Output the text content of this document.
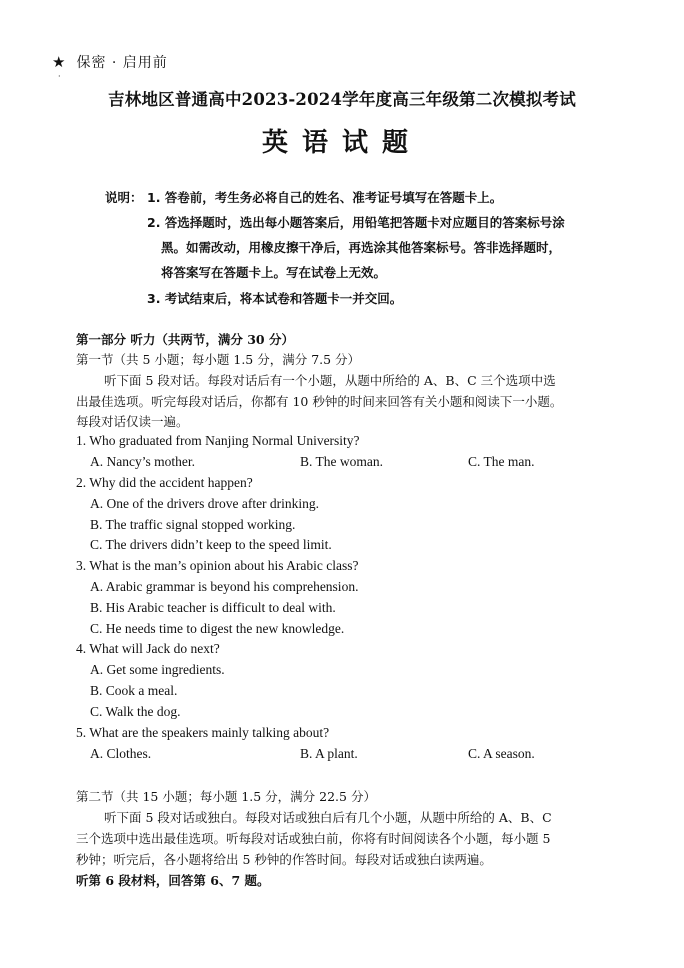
★ 保密 · 启用前
·
吉林地区普通高中2023-2024学年度高三年级第二次模拟考试
英语试题
说明： 1. 答卷前，考生务必将自己的姓名、准考证号填写在答题卡上。
2. 答选择题时，选出每小题答案后，用铅笔把答题卡对应题目的答案标号涂
黑。如需改动，用橡皮擦干净后，再选涂其他答案标号。答非选择题时，
将答案写在答题卡上。写在试卷上无效。
3. 考试结束后，将本试卷和答题卡一并交回。
第一部分 听力（共两节，满分 30 分）
第一节（共 5 小题；每小题 1.5 分，满分 7.5 分）
听下面 5 段对话。每段对话后有一个小题，从题中所给的 A、B、C 三个选项中选
出最佳选项。听完每段对话后，你都有 10 秒钟的时间来回答有关小题和阅读下一小题。
每段对话仅读一遍。
1. Who graduated from Nanjing Normal University?
A. Nancy’s mother.	B. The woman.	C. The man.
2. Why did the accident happen?
A. One of the drivers drove after drinking.
B. The traffic signal stopped working.
C. The drivers didn’t keep to the speed limit.
3. What is the man’s opinion about his Arabic class?
A. Arabic grammar is beyond his comprehension.
B. His Arabic teacher is difficult to deal with.
C. He needs time to digest the new knowledge.
4. What will Jack do next?
A. Get some ingredients.
B. Cook a meal.
C. Walk the dog.
5. What are the speakers mainly talking about?
A. Clothes.	B. A plant.	C. A season.
第二节（共 15 小题；每小题 1.5 分，满分 22.5 分）
听下面 5 段对话或独白。每段对话或独白后有几个小题，从题中所给的 A、B、C
三个选项中选出最佳选项。听每段对话或独白前，你将有时间阅读各个小题，每小题 5
秒钟；听完后，各小题将给出 5 秒钟的作答时间。每段对话或独白读两遍。
听第 6 段材料，回答第 6、7 题。
